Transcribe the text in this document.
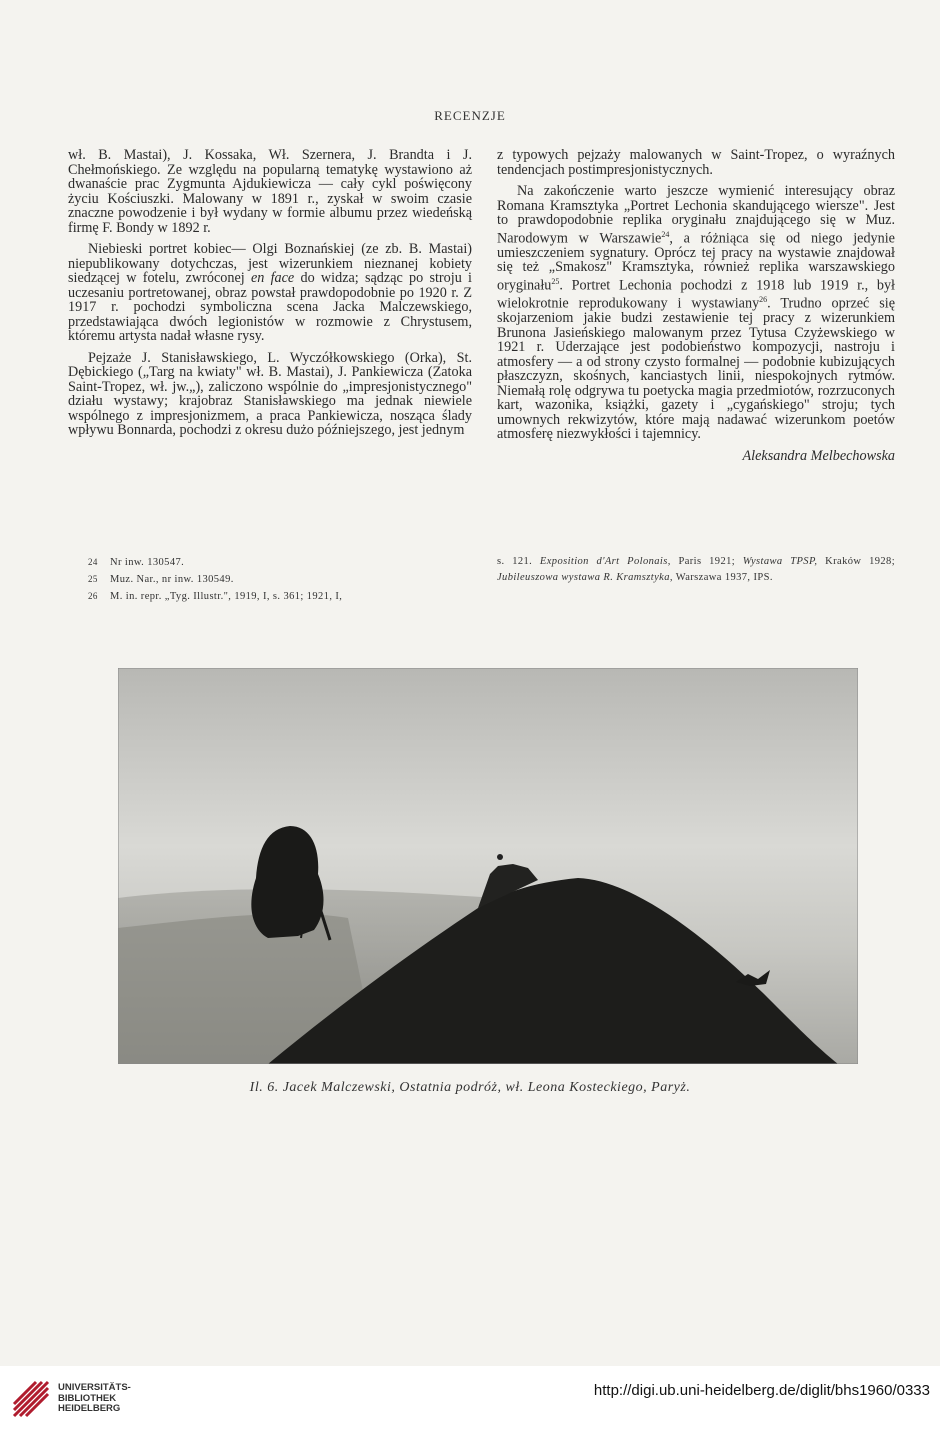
RECENZJE

wł. B. Mastai), J. Kossaka, Wł. Szernera, J. Brandta i J. Chełmońskiego. Ze względu na popularną tematykę wystawiono aż dwanaście prac Zygmunta Ajdukiewicza — cały cykl poświęcony życiu Kościuszki. Malowany w 1891 r., zyskał w swoim czasie znaczne powodzenie i był wydany w formie albumu przez wiedeńską firmę F. Bondy w 1892 r.

Niebieski portret kobiec— Olgi Boznańskiej (ze zb. B. Mastai) niepublikowany dotychczas, jest wizerunkiem nieznanej kobiety siedzącej w fotelu, zwróconej en face do widza; sądząc po stroju i uczesaniu portretowanej, obraz powstał prawdopodobnie po 1920 r. Z 1917 r. pochodzi symboliczna scena Jacka Malczewskiego, przedstawiająca dwóch legionistów w rozmowie z Chrystusem, któremu artysta nadał własne rysy.

Pejzaże J. Stanisławskiego, L. Wyczółkowskiego (Orka), St. Dębickiego („Targ na kwiaty" wł. B. Mastai), J. Pankiewicza (Zatoka Saint-Tropez, wł. jw.„), zaliczono wspólnie do „impresjonistycznego" działu wystawy; krajobraz Stanisławskiego ma jednak niewiele wspólnego z impresjonizmem, a praca Pankiewicza, nosząca ślady wpływu Bonnarda, pochodzi z okresu dużo późniejszego, jest jednym

z typowych pejzaży malowanych w Saint-Tropez, o wyraźnych tendencjach postimpresjonistycznych.

Na zakończenie warto jeszcze wymienić interesujący obraz Romana Kramsztyka „Portret Lechonia skandującego wiersze". Jest to prawdopodobnie replika oryginału znajdującego się w Muz. Narodowym w Warszawie$^{24}$, a różniąca się od niego jedynie umieszczeniem sygnatury. Oprócz tej pracy na wystawie znajdował się też „Smakosz" Kramsztyka, również replika warszawskiego oryginału$^{25}$. Portret Lechonia pochodzi z 1918 lub 1919 r., był wielokrotnie reprodukowany i wystawiany$^{26}$. Trudno oprzeć się skojarzeniom jakie budzi zestawienie tej pracy z wizerunkiem Brunona Jasieńskiego malowanym przez Tytusa Czyżewskiego w 1921 r. Uderzające jest podobieństwo kompozycji, nastroju i atmosfery — a od strony czysto formalnej — podobnie kubizujących płaszczyzn, skośnych, kanciastych linii, niespokojnych rytmów. Niemałą rolę odgrywa tu poetycka magia przedmiotów, rozrzuconych kart, wazonika, książki, gazety i „cygańskiego" stroju; tych umownych rekwizytów, które mają nadawać wizerunkom poetów atmosferę niezwykłości i tajemnicy.

Aleksandra Melbechowska

24 Nr inw. 130547.
25 Muz. Nar., nr inw. 130549.
26 M. in. repr. „Tyg. Illustr.", 1919, I, s. 361; 1921, I,
s. 121. Exposition d'Art Polonais, Paris 1921; Wystawa TPSP, Kraków 1928; Jubileuszowa wystawa R. Kramsztyka, Warszawa 1937, IPS.
Il. 6. Jacek Malczewski, Ostatnia podróż, wł. Leona Kosteckiego, Paryż.
UNIVERSITÄTS-
BIBLIOTHEK
HEIDELBERG
http://digi.ub.uni-heidelberg.de/diglit/bhs1960/0333
